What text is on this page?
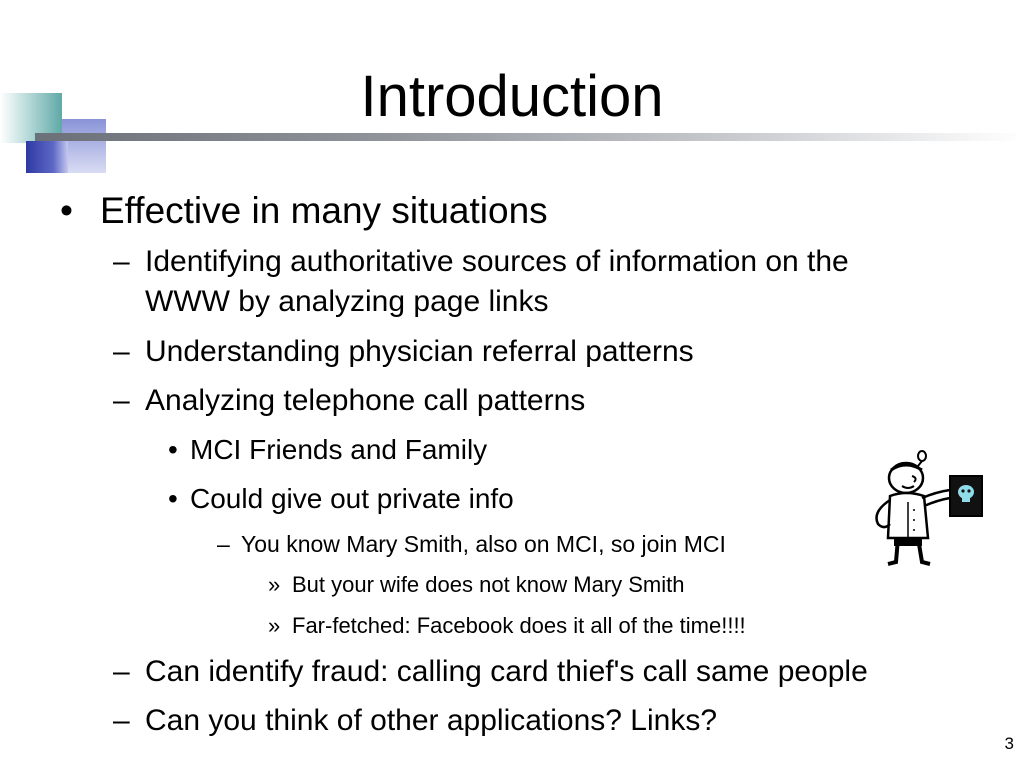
Introduction
• Effective in many situations
– Identifying authoritative sources of information on the
WWW by analyzing page links
– Understanding physician referral patterns
– Analyzing telephone call patterns
• MCI Friends and Family
• Could give out private info
– You know Mary Smith, also on MCI, so join MCI
» But your wife does not know Mary Smith
» Far-fetched: Facebook does it all of the time!!!!
– Can identify fraud: calling card thief's call same people
– Can you think of other applications? Links?
3
